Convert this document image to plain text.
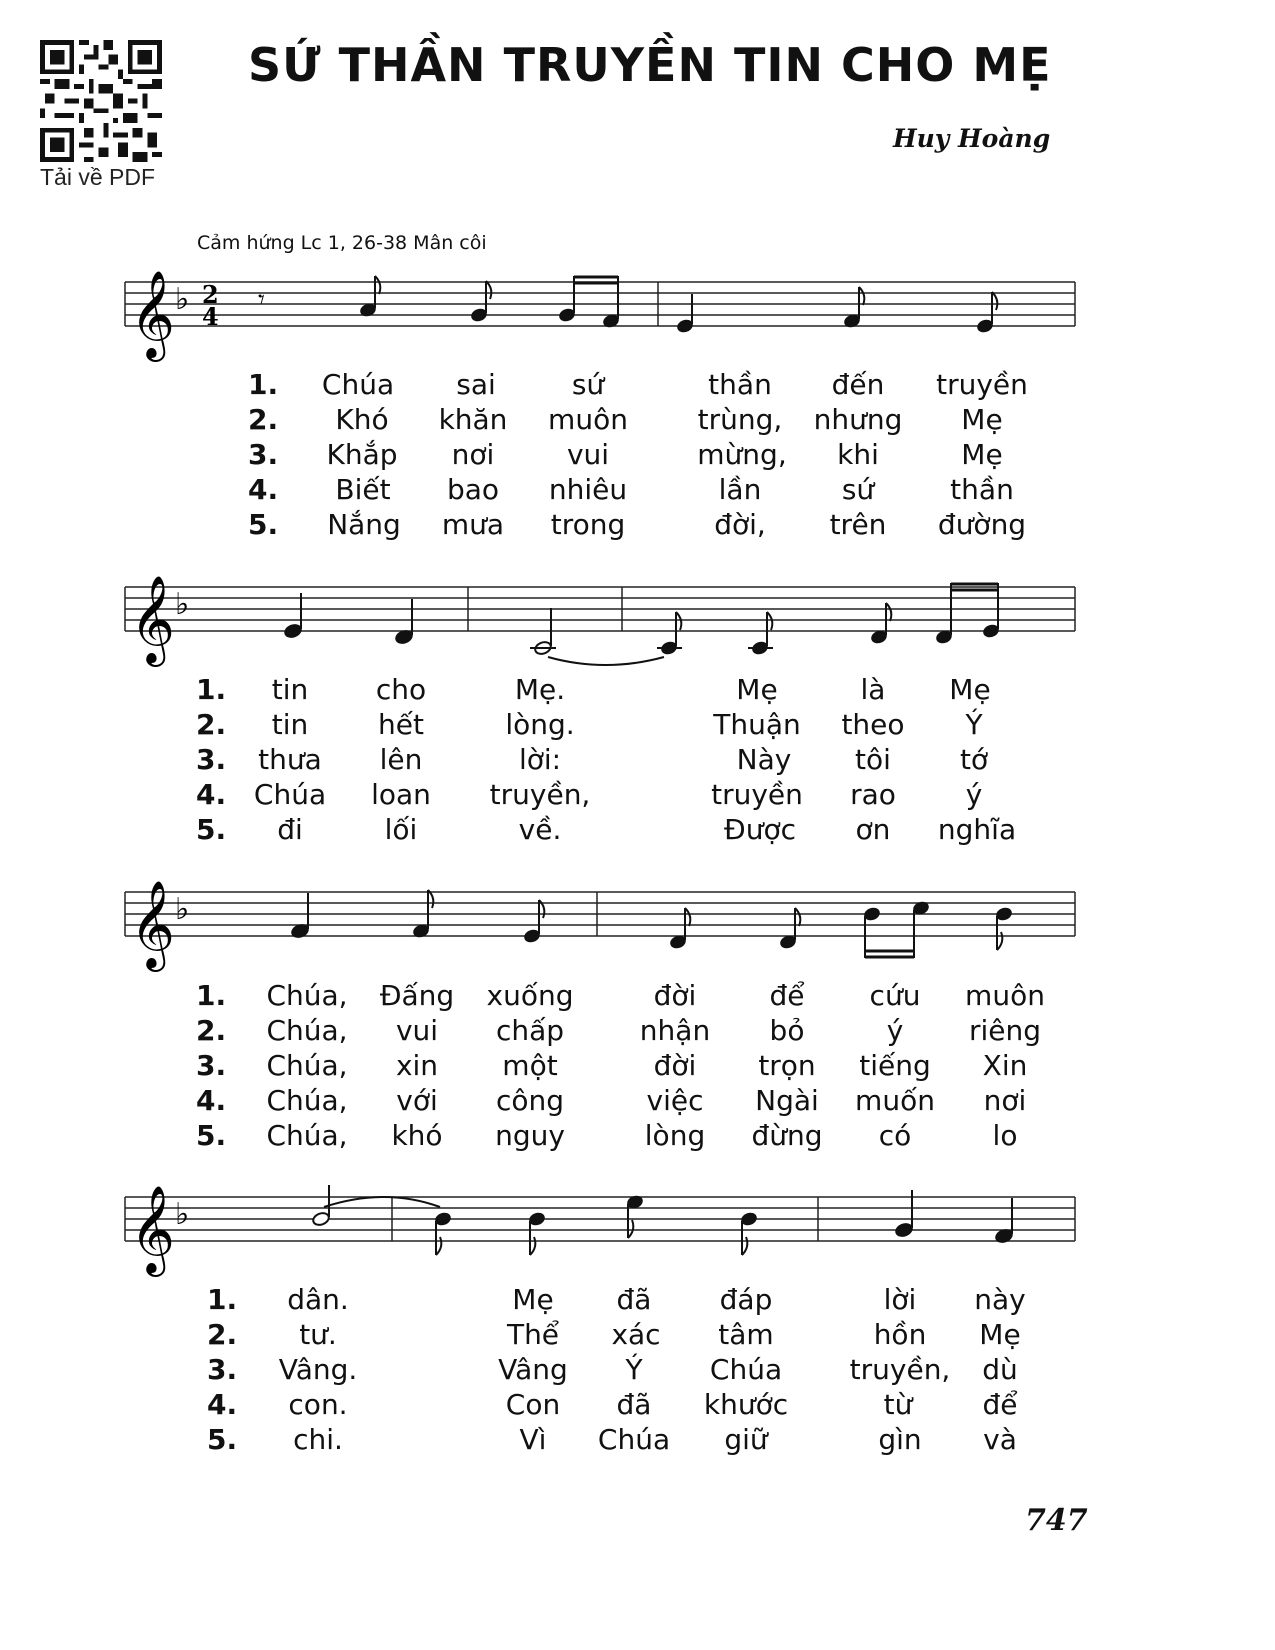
Tải về PDF
SỨ THẦN TRUYỀN TIN CHO MẸ
Huy Hoàng
Cảm hứng Lc 1, 26-38 Mân côi
𝄞 ♭ 2
4
𝄾
1. Chúa sai	sứ	thần đến truyền
2. Khó khăn muôn trùng, nhưng Mẹ
3. Khắp nơi	vui	mừng, khi	Mẹ
4. Biết bao nhiêu	lần	sứ	thần
5. Nắng mưa trong	đời, trên đường
𝄞 ♭
1. tin cho	Mẹ.	Mẹ	là Mẹ
2. tin hết	lòng.	Thuận theo Ý
3. thưa lên	lời:	Này tôi tớ
4. Chúa loan truyền,	truyền rao ý
5. đi	lối	về.	Được ơn nghĩa
𝄞 ♭
1. Chúa, Đấng xuống	đời	để cứu muôn
2. Chúa, vui chấp	nhận bỏ	ý riêng
3. Chúa, xin một	đời trọn tiếng Xin
4. Chúa, với công	việc Ngài muốn nơi
5. Chúa, khó nguy	lòng đừng có	lo
𝄞 ♭
1. dân.	Mẹ đã đáp	lời này
2. tư.	Thể xác tâm	hồn Mẹ
3. Vâng.	Vâng Ý Chúa truyền, dù
4. con.	Con đã khước	từ	để
5. chi.	Vì Chúa giữ	gìn và
747
